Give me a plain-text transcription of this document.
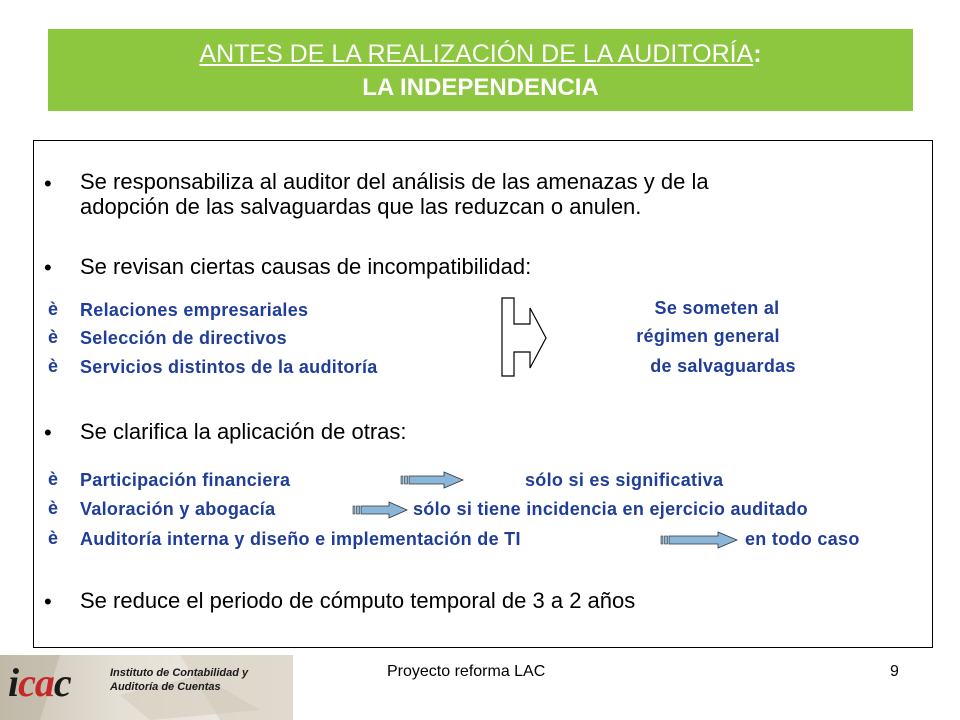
ANTES DE LA REALIZACIÓN DE LA AUDITORÍA:
LA INDEPENDENCIA
• Se responsabiliza al auditor del análisis de las amenazas y de la
adopción de las salvaguardas que las reduzcan o anulen.
• Se revisan ciertas causas de incompatibilidad:
è Relaciones empresariales
è Selección de directivos
è Servicios distintos de la auditoría
Se someten al
régimen general
de salvaguardas
• Se clarifica la aplicación de otras:
è Participación financiera	sólo si es significativa
è Valoración y abogacía	sólo si tiene incidencia en ejercicio auditado
è Auditoría interna y diseño e implementación de TI	en todo caso
• Se reduce el periodo de cómputo temporal de 3 a 2 años
icac	Instituto de Contabilidad y
Auditoría de Cuentas
Proyecto reforma LAC	9
